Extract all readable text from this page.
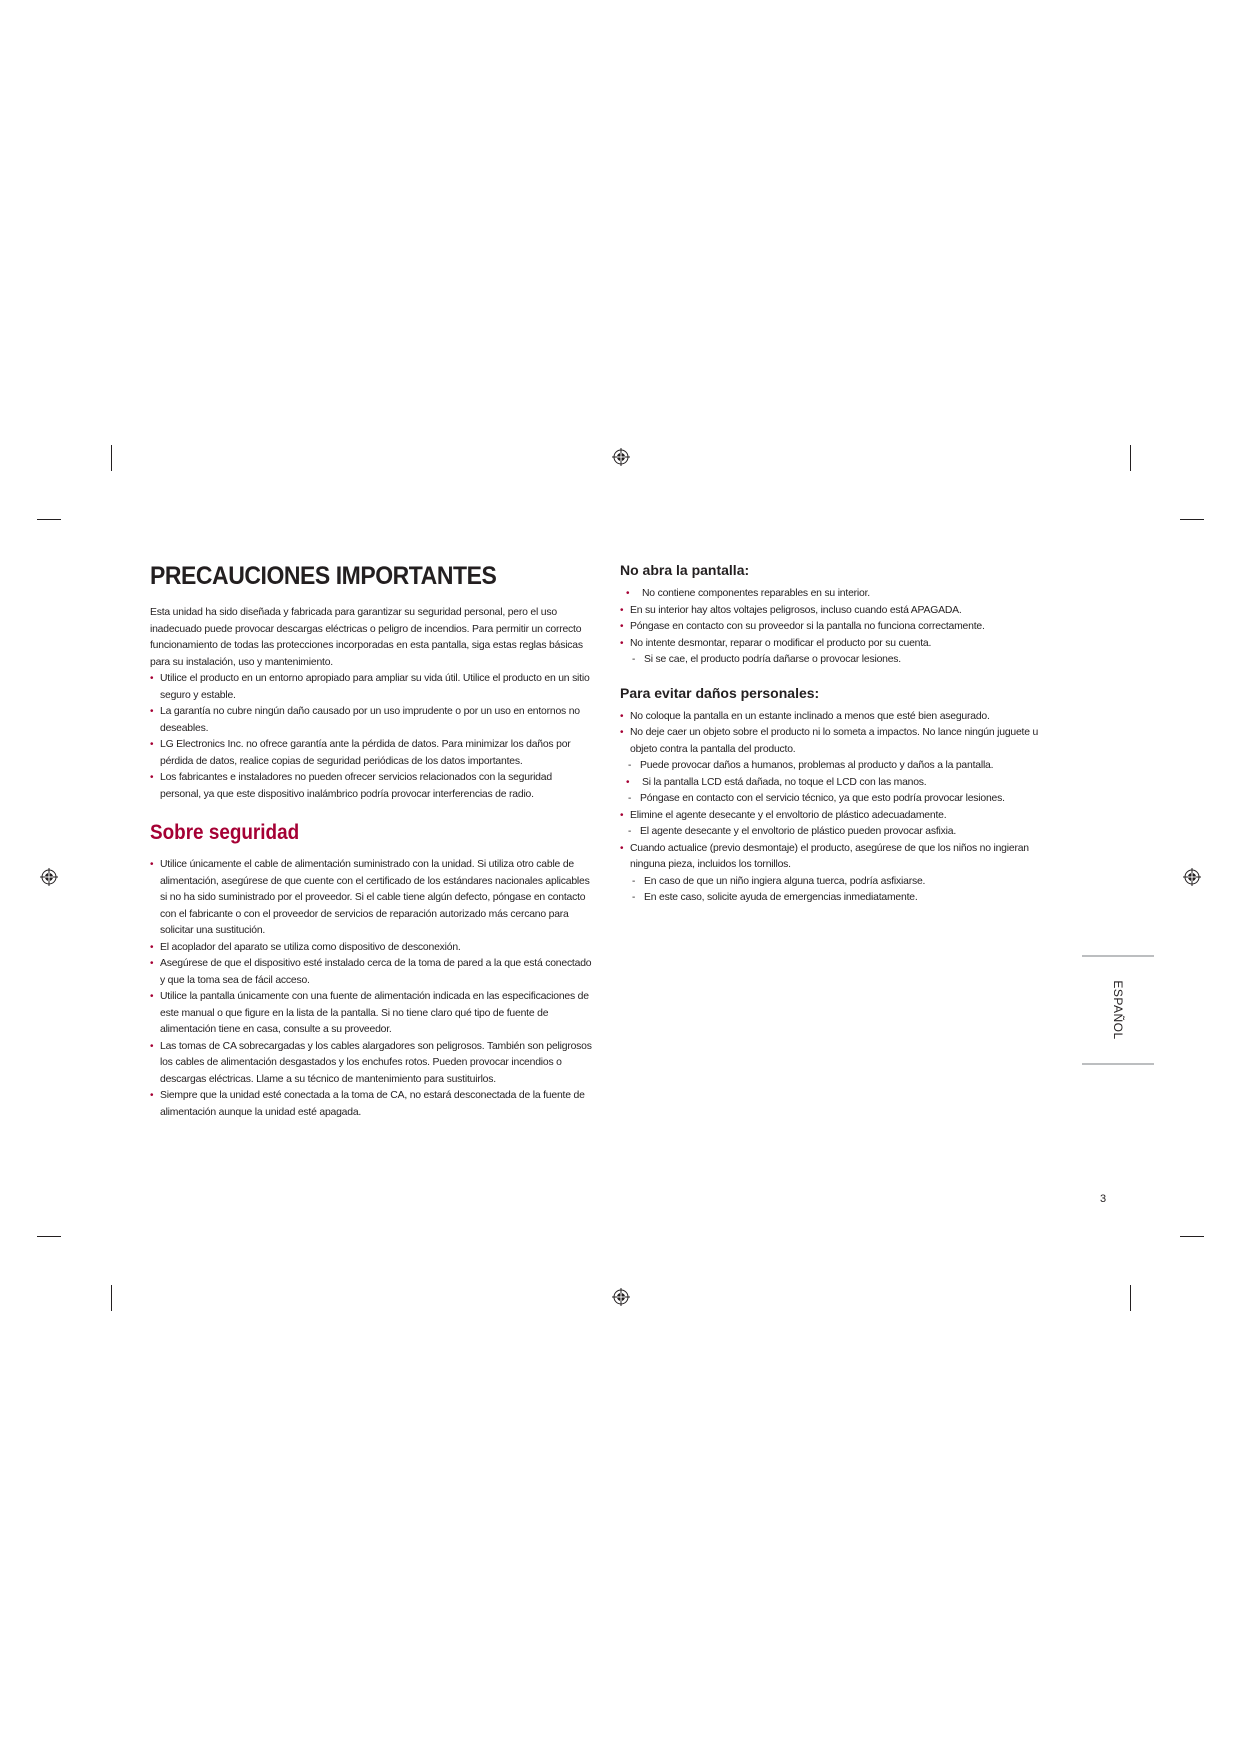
PRECAUCIONES IMPORTANTES

Esta unidad ha sido diseñada y fabricada para garantizar su seguridad personal, pero el uso inadecuado puede provocar descargas eléctricas o peligro de incendios. Para permitir un correcto funcionamiento de todas las protecciones incorporadas en esta pantalla, siga estas reglas básicas para su instalación, uso y mantenimiento.

• Utilice el producto en un entorno apropiado para ampliar su vida útil. Utilice el producto en un sitio seguro y estable.
• La garantía no cubre ningún daño causado por un uso imprudente o por un uso en entornos no deseables.
• LG Electronics Inc. no ofrece garantía ante la pérdida de datos. Para minimizar los daños por pérdida de datos, realice copias de seguridad periódicas de los datos importantes.
• Los fabricantes e instaladores no pueden ofrecer servicios relacionados con la seguridad personal, ya que este dispositivo inalámbrico podría provocar interferencias de radio.
Sobre seguridad
• Utilice únicamente el cable de alimentación suministrado con la unidad. Si utiliza otro cable de alimentación, asegúrese de que cuente con el certificado de los estándares nacionales aplicables si no ha sido suministrado por el proveedor. Si el cable tiene algún defecto, póngase en contacto con el fabricante o con el proveedor de servicios de reparación autorizado más cercano para solicitar una sustitución.
• El acoplador del aparato se utiliza como dispositivo de desconexión.
• Asegúrese de que el dispositivo esté instalado cerca de la toma de pared a la que está conectado y que la toma sea de fácil acceso.
• Utilice la pantalla únicamente con una fuente de alimentación indicada en las especificaciones de este manual o que figure en la lista de la pantalla. Si no tiene claro qué tipo de fuente de alimentación tiene en casa, consulte a su proveedor.
• Las tomas de CA sobrecargadas y los cables alargadores son peligrosos. También son peligrosos los cables de alimentación desgastados y los enchufes rotos. Pueden provocar incendios o descargas eléctricas. Llame a su técnico de mantenimiento para sustituirlos.
• Siempre que la unidad esté conectada a la toma de CA, no estará desconectada de la fuente de alimentación aunque la unidad esté apagada.
No abra la pantalla:
• No contiene componentes reparables en su interior.
• En su interior hay altos voltajes peligrosos, incluso cuando está APAGADA.
• Póngase en contacto con su proveedor si la pantalla no funciona correctamente.
• No intente desmontar, reparar o modificar el producto por su cuenta.
- Si se cae, el producto podría dañarse o provocar lesiones.
Para evitar daños personales:
• No coloque la pantalla en un estante inclinado a menos que esté bien asegurado.
• No deje caer un objeto sobre el producto ni lo someta a impactos. No lance ningún juguete u objeto contra la pantalla del producto.
- Puede provocar daños a humanos, problemas al producto y daños a la pantalla.
• Si la pantalla LCD está dañada, no toque el LCD con las manos.
- Póngase en contacto con el servicio técnico, ya que esto podría provocar lesiones.
• Elimine el agente desecante y el envoltorio de plástico adecuadamente.
- El agente desecante y el envoltorio de plástico pueden provocar asfixia.
• Cuando actualice (previo desmontaje) el producto, asegúrese de que los niños no ingieran ninguna pieza, incluidos los tornillos.
- En caso de que un niño ingiera alguna tuerca, podría asfixiarse.
- En este caso, solicite ayuda de emergencias inmediatamente.
ESPAÑOL
3
